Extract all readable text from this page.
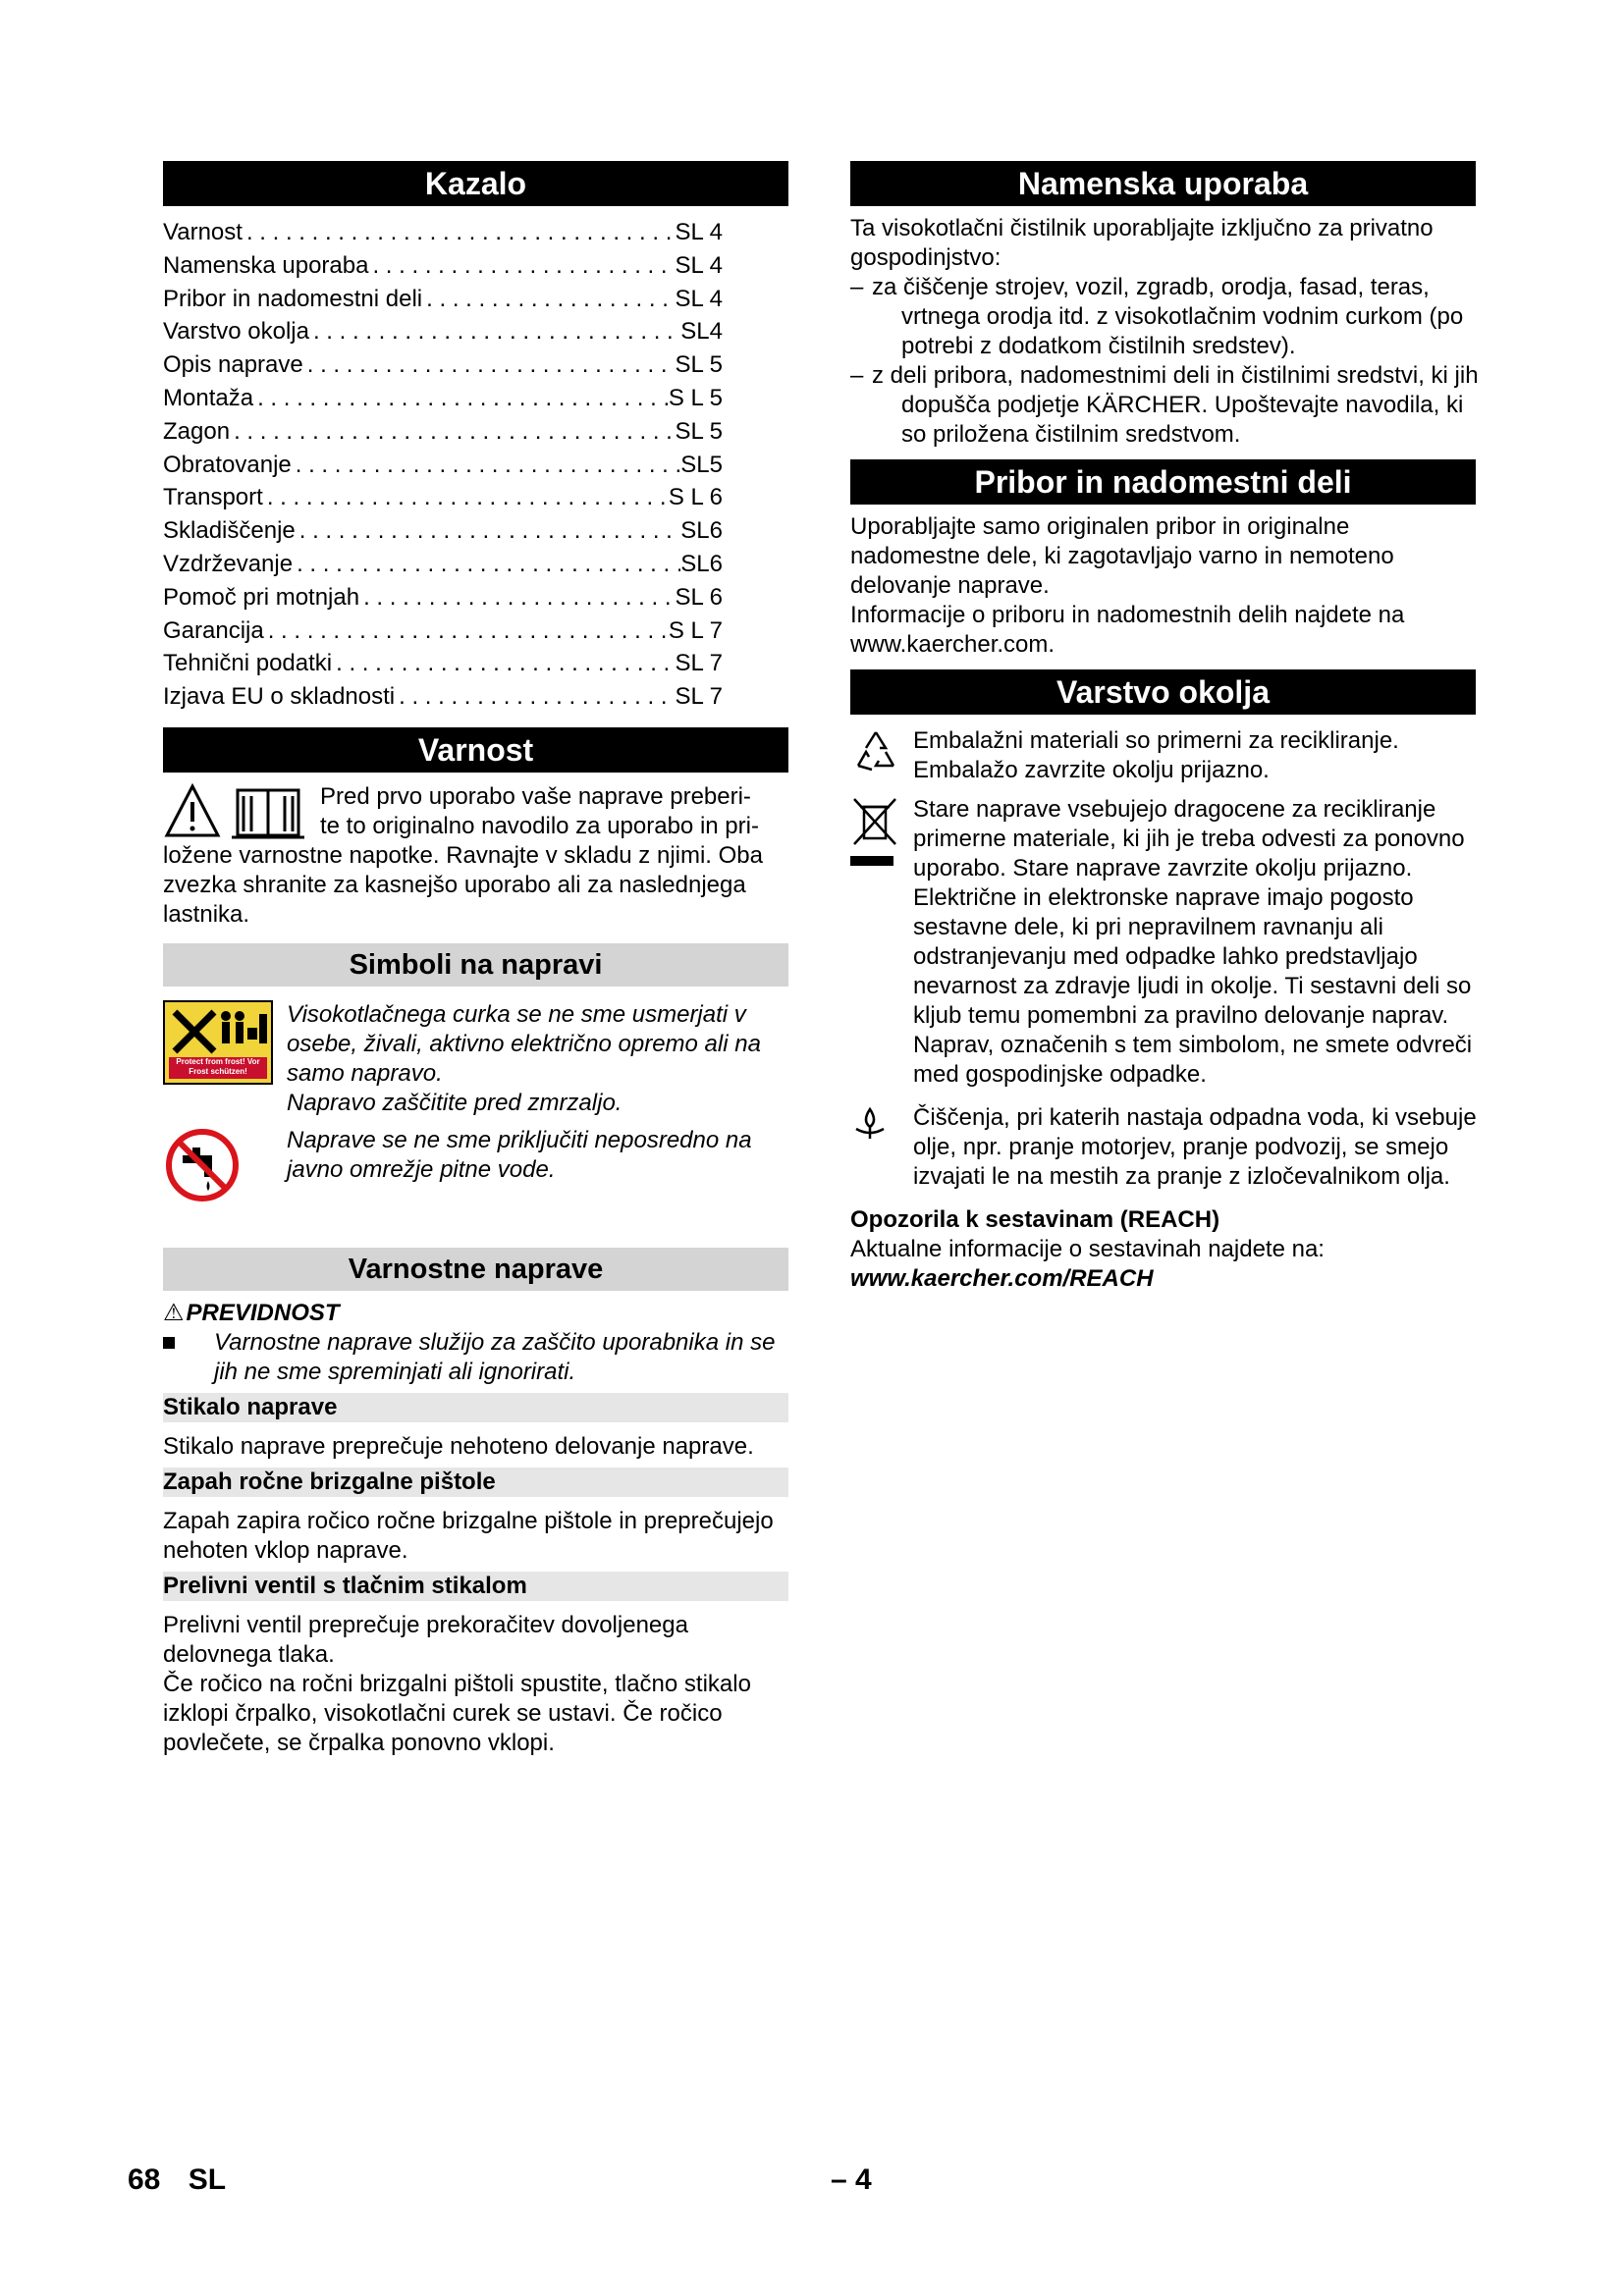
Kazalo
Varnost . . .	SL 4
Namenska uporaba . . .	SL 4
Pribor in nadomestni deli . . .	SL 4
Varstvo okolja . . .	SL4
Opis naprave . . .	SL 5
Montaža . . .	S L 5
Zagon . . .	SL 5
Obratovanje . . .	SL5
Transport . . .	S L 6
Skladiščenje . . .	SL6
Vzdrževanje . . .	SL6
Pomoč pri motnjah . . .	SL 6
Garancija . . .	S L 7
Tehnični podatki . . .	SL 7
Izjava EU o skladnosti . . .	SL 7
Varnost

Pred prvo uporabo vaše naprave preberi-

te to originalno navodilo za uporabo in pri-

ložene varnostne napotke. Ravnajte v skladu z njimi. Oba zvezka shranite za kasnejšo uporabo ali za naslednjega lastnika.

Simboli na napravi
Protect from frost! Vor Frost schützen!

Visokotlačnega curka se ne sme usmerjati v osebe, živali, aktivno električno opremo ali na samo napravo.

Napravo zaščitite pred zmrzaljo.

Naprave se ne sme priključiti neposredno na javno omrežje pitne vode.

Varnostne naprave
⚠ PREVIDNOST

Varnostne naprave služijo za zaščito uporabnika in se jih ne sme spreminjati ali ignorirati.

Stikalo naprave

Stikalo naprave preprečuje nehoteno delovanje naprave.

Zapah ročne brizgalne pištole

Zapah zapira ročico ročne brizgalne pištole in preprečujejo nehoten vklop naprave.

Prelivni ventil s tlačnim stikalom

Prelivni ventil preprečuje prekoračitev dovoljenega delovnega tlaka.

Če ročico na ročni brizgalni pištoli spustite, tlačno stikalo izklopi črpalko, visokotlačni curek se ustavi. Če ročico povlečete, se črpalka ponovno vklopi.

Namenska uporaba

Ta visokotlačni čistilnik uporabljajte izključno za privatno gospodinjstvo:

– za čiščenje strojev, vozil, zgradb, orodja, fasad, teras, vrtnega orodja itd. z visokotlačnim vodnim curkom (po potrebi z dodatkom čistilnih sredstev).

– z deli pribora, nadomestnimi deli in čistilnimi sredstvi, ki jih dopušča podjetje KÄRCHER. Upoštevajte navodila, ki so priložena čistilnim sredstvom.

Pribor in nadomestni deli

Uporabljajte samo originalen pribor in originalne nadomestne dele, ki zagotavljajo varno in nemoteno delovanje naprave.

Informacije o priboru in nadomestnih delih najdete na www.kaercher.com.

Varstvo okolja

Embalažni materiali so primerni za recikliranje. Embalažo zavrzite okolju prijazno.

Stare naprave vsebujejo dragocene za recikliranje primerne materiale, ki jih je treba odvesti za ponovno uporabo. Stare naprave zavrzite okolju prijazno.

Električne in elektronske naprave imajo pogosto sestavne dele, ki pri nepravilnem ravnanju ali odstranjevanju med odpadke lahko predstavljajo nevarnost za zdravje ljudi in okolje. Ti sestavni deli so kljub temu pomembni za pravilno delovanje naprav. Naprav, označenih s tem simbolom, ne smete odvreči med gospodinjske odpadke.

Čiščenja, pri katerih nastaja odpadna voda, ki vsebuje olje, npr. pranje motorjev, pranje podvozij, se smejo izvajati le na mestih za pranje z izločevalnikom olja.

Opozorila k sestavinam (REACH)

Aktualne informacije o sestavinah najdete na:

www.kaercher.com/REACH

68 SL	– 4
